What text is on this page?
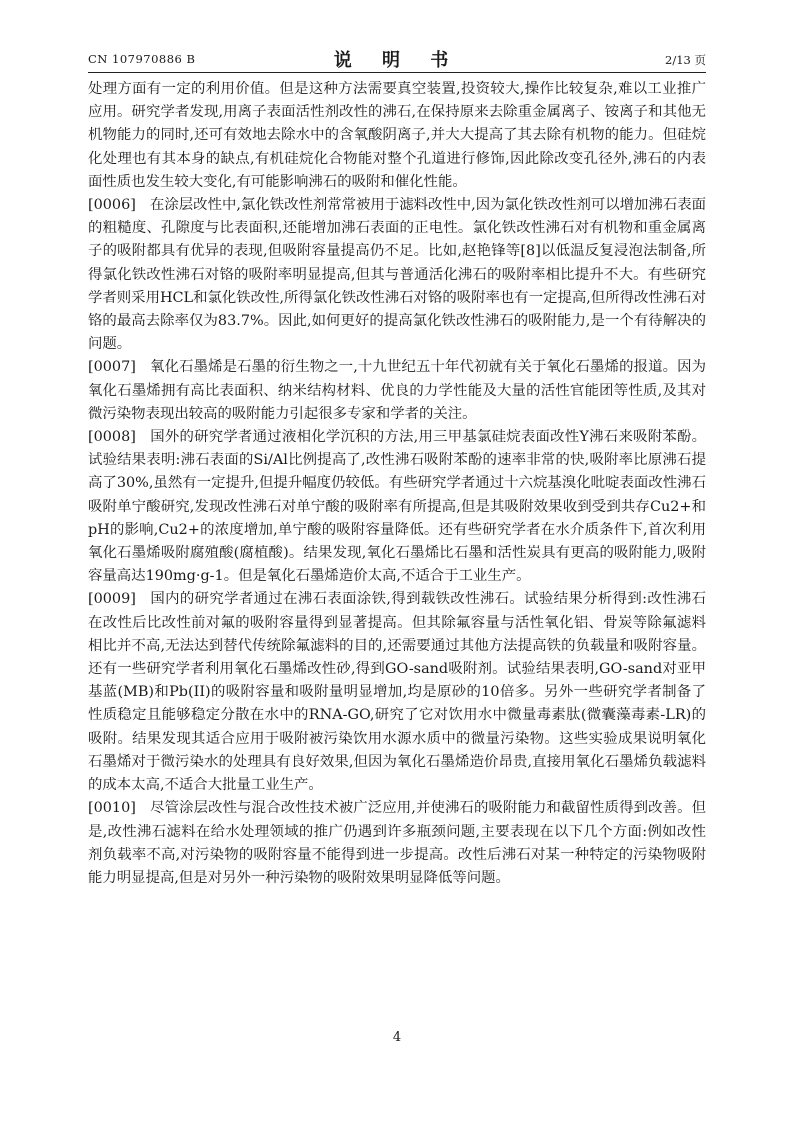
CN 107970886 B	说 明 书	2/13 页

处理方面有一定的利用价值。但是这种方法需要真空装置,投资较大,操作比较复杂,难以工业推广应用。研究学者发现,用离子表面活性剂改性的沸石,在保持原来去除重金属离子、铵离子和其他无机物能力的同时,还可有效地去除水中的含氧酸阴离子,并大大提高了其去除有机物的能力。但硅烷化处理也有其本身的缺点,有机硅烷化合物能对整个孔道进行修饰,因此除改变孔径外,沸石的内表面性质也发生较大变化,有可能影响沸石的吸附和催化性能。

[0006] 在涂层改性中,氯化铁改性剂常常被用于滤料改性中,因为氯化铁改性剂可以增加沸石表面的粗糙度、孔隙度与比表面积,还能增加沸石表面的正电性。氯化铁改性沸石对有机物和重金属离子的吸附都具有优异的表现,但吸附容量提高仍不足。比如,赵艳锋等[8]以低温反复浸泡法制备,所得氯化铁改性沸石对铬的吸附率明显提高,但其与普通活化沸石的吸附率相比提升不大。有些研究学者则采用HCL和氯化铁改性,所得氯化铁改性沸石对铬的吸附率也有一定提高,但所得改性沸石对铬的最高去除率仅为83.7%。因此,如何更好的提高氯化铁改性沸石的吸附能力,是一个有待解决的问题。

[0007] 氧化石墨烯是石墨的衍生物之一,十九世纪五十年代初就有关于氧化石墨烯的报道。因为氧化石墨烯拥有高比表面积、纳米结构材料、优良的力学性能及大量的活性官能团等性质,及其对微污染物表现出较高的吸附能力引起很多专家和学者的关注。

[0008] 国外的研究学者通过液相化学沉积的方法,用三甲基氯硅烷表面改性Y沸石来吸附苯酚。试验结果表明:沸石表面的Si/Al比例提高了,改性沸石吸附苯酚的速率非常的快,吸附率比原沸石提高了30%,虽然有一定提升,但提升幅度仍较低。有些研究学者通过十六烷基溴化吡啶表面改性沸石吸附单宁酸研究,发现改性沸石对单宁酸的吸附率有所提高,但是其吸附效果收到受到共存Cu2+和pH的影响,Cu2+的浓度增加,单宁酸的吸附容量降低。还有些研究学者在水介质条件下,首次利用氧化石墨烯吸附腐殖酸(腐植酸)。结果发现,氧化石墨烯比石墨和活性炭具有更高的吸附能力,吸附容量高达190mg·g-1。但是氧化石墨烯造价太高,不适合于工业生产。

[0009] 国内的研究学者通过在沸石表面涂铁,得到载铁改性沸石。试验结果分析得到:改性沸石在改性后比改性前对氟的吸附容量得到显著提高。但其除氟容量与活性氧化铝、骨炭等除氟滤料相比并不高,无法达到替代传统除氟滤料的目的,还需要通过其他方法提高铁的负载量和吸附容量。还有一些研究学者利用氧化石墨烯改性砂,得到GO-sand吸附剂。试验结果表明,GO-sand对亚甲基蓝(MB)和Pb(II)的吸附容量和吸附量明显增加,均是原砂的10倍多。另外一些研究学者制备了性质稳定且能够稳定分散在水中的RNA-GO,研究了它对饮用水中微量毒素肽(微囊藻毒素-LR)的吸附。结果发现其适合应用于吸附被污染饮用水源水质中的微量污染物。这些实验成果说明氧化石墨烯对于微污染水的处理具有良好效果,但因为氧化石墨烯造价昂贵,直接用氧化石墨烯负载滤料的成本太高,不适合大批量工业生产。

[0010] 尽管涂层改性与混合改性技术被广泛应用,并使沸石的吸附能力和截留性质得到改善。但是,改性沸石滤料在给水处理领域的推广仍遇到许多瓶颈问题,主要表现在以下几个方面:例如改性剂负载率不高,对污染物的吸附容量不能得到进一步提高。改性后沸石对某一种特定的污染物吸附能力明显提高,但是对另外一种污染物的吸附效果明显降低等问题。

4
